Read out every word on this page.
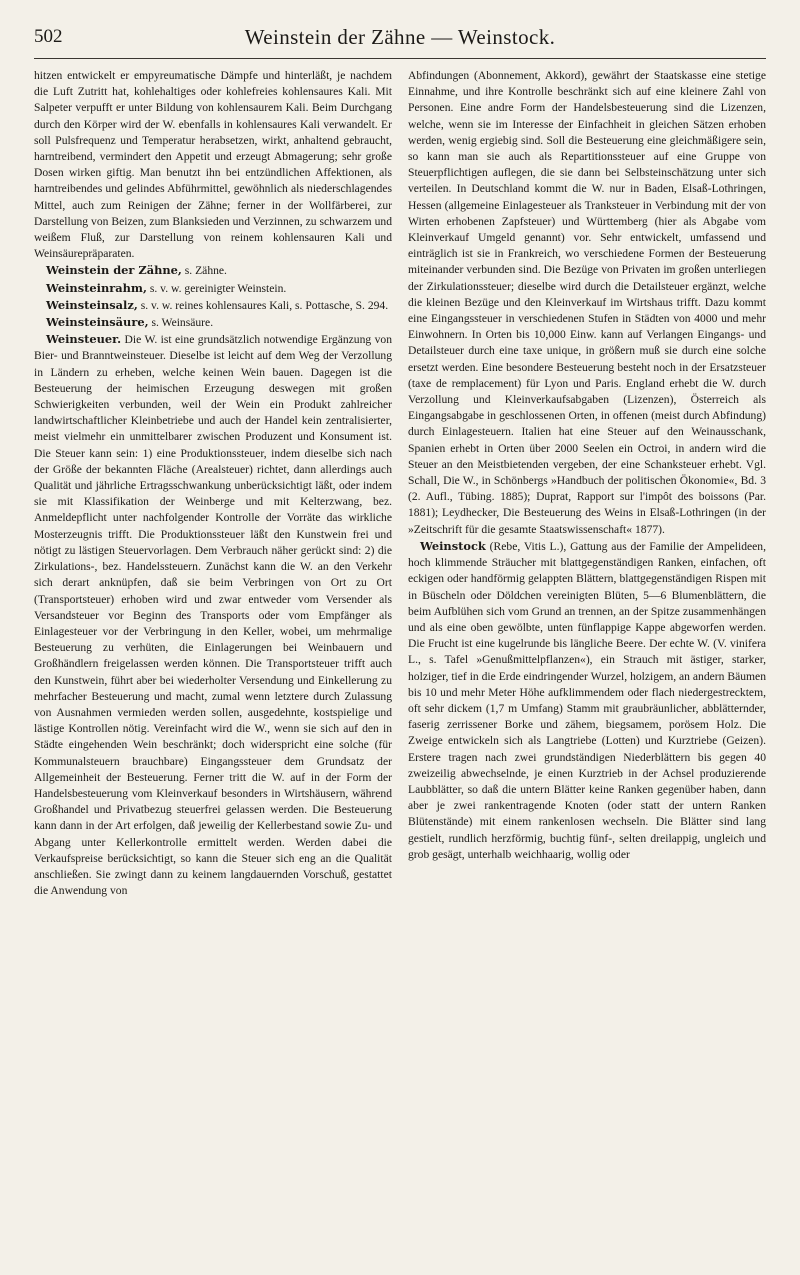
502	Weinstein der Zähne — Weinstock.

hitzen entwickelt er empyreumatische Dämpfe und hinterläßt, je nachdem die Luft Zutritt hat, kohlehaltiges oder kohlefreies kohlensaures Kali. Mit Salpeter verpufft er unter Bildung von kohlensaurem Kali. Beim Durchgang durch den Körper wird der W. ebenfalls in kohlensaures Kali verwandelt. Er soll Pulsfrequenz und Temperatur herabsetzen, wirkt, anhaltend gebraucht, harntreibend, vermindert den Appetit und erzeugt Abmagerung; sehr große Dosen wirken giftig. Man benutzt ihn bei entzündlichen Affektionen, als harntreibendes und gelindes Abführmittel, gewöhnlich als niederschlagendes Mittel, auch zum Reinigen der Zähne; ferner in der Wollfärberei, zur Darstellung von Beizen, zum Blanksieden und Verzinnen, zu schwarzem und weißem Fluß, zur Darstellung von reinem kohlensauren Kali und Weinsäurepräparaten.

Weinstein der Zähne, s. Zähne.

Weinsteinrahm, s. v. w. gereinigter Weinstein.

Weinsteinsalz, s. v. w. reines kohlensaures Kali, s. Pottasche, S. 294.

Weinsteinsäure, s. Weinsäure.

Weinsteuer. Die W. ist eine grundsätzlich notwendige Ergänzung von Bier- und Branntweinsteuer. Dieselbe ist leicht auf dem Weg der Verzollung in Ländern zu erheben, welche keinen Wein bauen. Dagegen ist die Besteuerung der heimischen Erzeugung deswegen mit großen Schwierigkeiten verbunden, weil der Wein ein Produkt zahlreicher landwirtschaftlicher Kleinbetriebe und auch der Handel kein zentralisierter, meist vielmehr ein unmittelbarer zwischen Produzent und Konsument ist. Die Steuer kann sein: 1) eine Produktionssteuer, indem dieselbe sich nach der Größe der bekannten Fläche (Arealsteuer) richtet, dann allerdings auch Qualität und jährliche Ertragsschwankung unberücksichtigt läßt, oder indem sie mit Klassifikation der Weinberge und mit Kelterzwang, bez. Anmeldepflicht unter nachfolgender Kontrolle der Vorräte das wirkliche Mosterzeugnis trifft. Die Produktionssteuer läßt den Kunstwein frei und nötigt zu lästigen Steuervorlagen. Dem Verbrauch näher gerückt sind: 2) die Zirkulations-, bez. Handelssteuern. Zunächst kann die W. an den Verkehr sich derart anknüpfen, daß sie beim Verbringen von Ort zu Ort (Transportsteuer) erhoben wird und zwar entweder vom Versender als Versandsteuer vor Beginn des Transports oder vom Empfänger als Einlagesteuer vor der Verbringung in den Keller, wobei, um mehrmalige Besteuerung zu verhüten, die Einlagerungen bei Weinbauern und Großhändlern freigelassen werden können. Die Transportsteuer trifft auch den Kunstwein, führt aber bei wiederholter Versendung und Einkellerung zu mehrfacher Besteuerung und macht, zumal wenn letztere durch Zulassung von Ausnahmen vermieden werden sollen, ausgedehnte, kostspielige und lästige Kontrollen nötig. Vereinfacht wird die W., wenn sie sich auf den in Städte eingehenden Wein beschränkt; doch widerspricht eine solche (für Kommunalsteuern brauchbare) Eingangssteuer dem Grundsatz der Allgemeinheit der Besteuerung. Ferner tritt die W. auf in der Form der Handelsbesteuerung vom Kleinverkauf besonders in Wirtshäusern, während Großhandel und Privatbezug steuerfrei gelassen werden. Die Besteuerung kann dann in der Art erfolgen, daß jeweilig der Kellerbestand sowie Zu- und Abgang unter Kellerkontrolle ermittelt werden. Werden dabei die Verkaufspreise berücksichtigt, so kann die Steuer sich eng an die Qualität anschließen. Sie zwingt dann zu keinem langdauernden Vorschuß, gestattet die Anwendung von

Abfindungen (Abonnement, Akkord), gewährt der Staatskasse eine stetige Einnahme, und ihre Kontrolle beschränkt sich auf eine kleinere Zahl von Personen. Eine andre Form der Handelsbesteuerung sind die Lizenzen, welche, wenn sie im Interesse der Einfachheit in gleichen Sätzen erhoben werden, wenig ergiebig sind. Soll die Besteuerung eine gleichmäßigere sein, so kann man sie auch als Repartitionssteuer auf eine Gruppe von Steuerpflichtigen auflegen, die sie dann bei Selbsteinschätzung unter sich verteilen. In Deutschland kommt die W. nur in Baden, Elsaß-Lothringen, Hessen (allgemeine Einlagesteuer als Tranksteuer in Verbindung mit der von Wirten erhobenen Zapfsteuer) und Württemberg (hier als Abgabe vom Kleinverkauf Umgeld genannt) vor. Sehr entwickelt, umfassend und einträglich ist sie in Frankreich, wo verschiedene Formen der Besteuerung miteinander verbunden sind. Die Bezüge von Privaten im großen unterliegen der Zirkulationssteuer; dieselbe wird durch die Detailsteuer ergänzt, welche die kleinen Bezüge und den Kleinverkauf im Wirtshaus trifft. Dazu kommt eine Eingangssteuer in verschiedenen Stufen in Städten von 4000 und mehr Einwohnern. In Orten bis 10,000 Einw. kann auf Verlangen Eingangs- und Detailsteuer durch eine taxe unique, in größern muß sie durch eine solche ersetzt werden. Eine besondere Besteuerung besteht noch in der Ersatzsteuer (taxe de remplacement) für Lyon und Paris. England erhebt die W. durch Verzollung und Kleinverkaufsabgaben (Lizenzen), Österreich als Eingangsabgabe in geschlossenen Orten, in offenen (meist durch Abfindung) durch Einlagesteuern. Italien hat eine Steuer auf den Weinausschank, Spanien erhebt in Orten über 2000 Seelen ein Octroi, in andern wird die Steuer an den Meistbietenden vergeben, der eine Schanksteuer erhebt. Vgl. Schall, Die W., in Schönbergs »Handbuch der politischen Ökonomie«, Bd. 3 (2. Aufl., Tübing. 1885); Duprat, Rapport sur l'impôt des boissons (Par. 1881); Leydhecker, Die Besteuerung des Weins in Elsaß-Lothringen (in der »Zeitschrift für die gesamte Staatswissenschaft« 1877).

Weinstock (Rebe, Vitis L.), Gattung aus der Familie der Ampelideen, hoch klimmende Sträucher mit blattgegenständigen Ranken, einfachen, oft eckigen oder handförmig gelappten Blättern, blattgegenständigen Rispen mit in Büscheln oder Döldchen vereinigten Blüten, 5—6 Blumenblättern, die beim Aufblühen sich vom Grund an trennen, an der Spitze zusammenhängen und als eine oben gewölbte, unten fünflappige Kappe abgeworfen werden. Die Frucht ist eine kugelrunde bis längliche Beere. Der echte W. (V. vinifera L., s. Tafel »Genußmittelpflanzen«), ein Strauch mit ästiger, starker, holziger, tief in die Erde eindringender Wurzel, holzigem, an andern Bäumen bis 10 und mehr Meter Höhe aufklimmendem oder flach niedergestrecktem, oft sehr dickem (1,7 m Umfang) Stamm mit graubräunlicher, abblätternder, faserig zerrissener Borke und zähem, biegsamem, porösem Holz. Die Zweige entwickeln sich als Langtriebe (Lotten) und Kurztriebe (Geizen). Erstere tragen nach zwei grundständigen Niederblättern bis gegen 40 zweizeilig abwechselnde, je einen Kurztrieb in der Achsel produzierende Laubblätter, so daß die untern Blätter keine Ranken gegenüber haben, dann aber je zwei rankentragende Knoten (oder statt der untern Ranken Blütenstände) mit einem rankenlosen wechseln. Die Blätter sind lang gestielt, rundlich herzförmig, buchtig fünf-, selten dreilappig, ungleich und grob gesägt, unterhalb weichhaarig, wollig oder
